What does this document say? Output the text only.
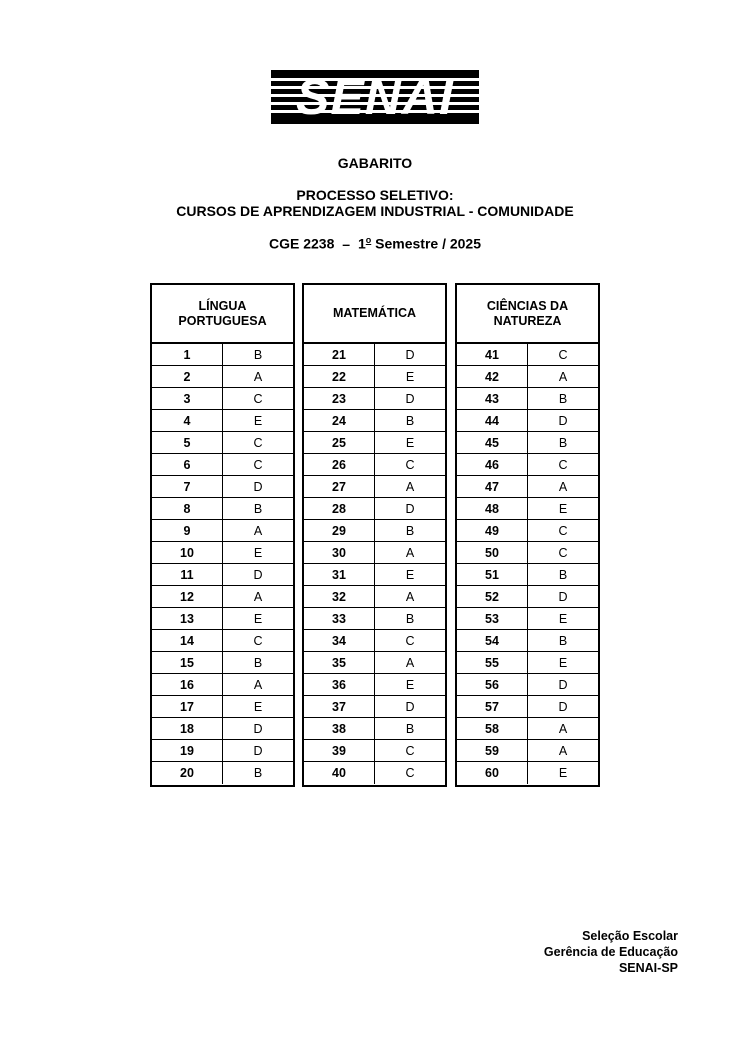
SENAI
GABARITO
PROCESSO SELETIVO:
CURSOS DE APRENDIZAGEM INDUSTRIAL - COMUNIDADE
CGE 2238 – 1$^o$ Semestre / 2025
LÍNGUA PORTUGUESA
1	B
2	A
3	C
4	E
5	C
6	C
7	D
8	B
9	A
10	E
11	D
12	A
13	E
14	C
15	B
16	A
17	E
18	D
19	D
20	B
MATEMÁTICA
21	D
22	E
23	D
24	B
25	E
26	C
27	A
28	D
29	B
30	A
31	E
32	A
33	B
34	C
35	A
36	E
37	D
38	B
39	C
40	C
CIÊNCIAS DA NATUREZA
41	C
42	A
43	B
44	D
45	B
46	C
47	A
48	E
49	C
50	C
51	B
52	D
53	E
54	B
55	E
56	D
57	D
58	A
59	A
60	E
Seleção Escolar
Gerência de Educação
SENAI-SP
